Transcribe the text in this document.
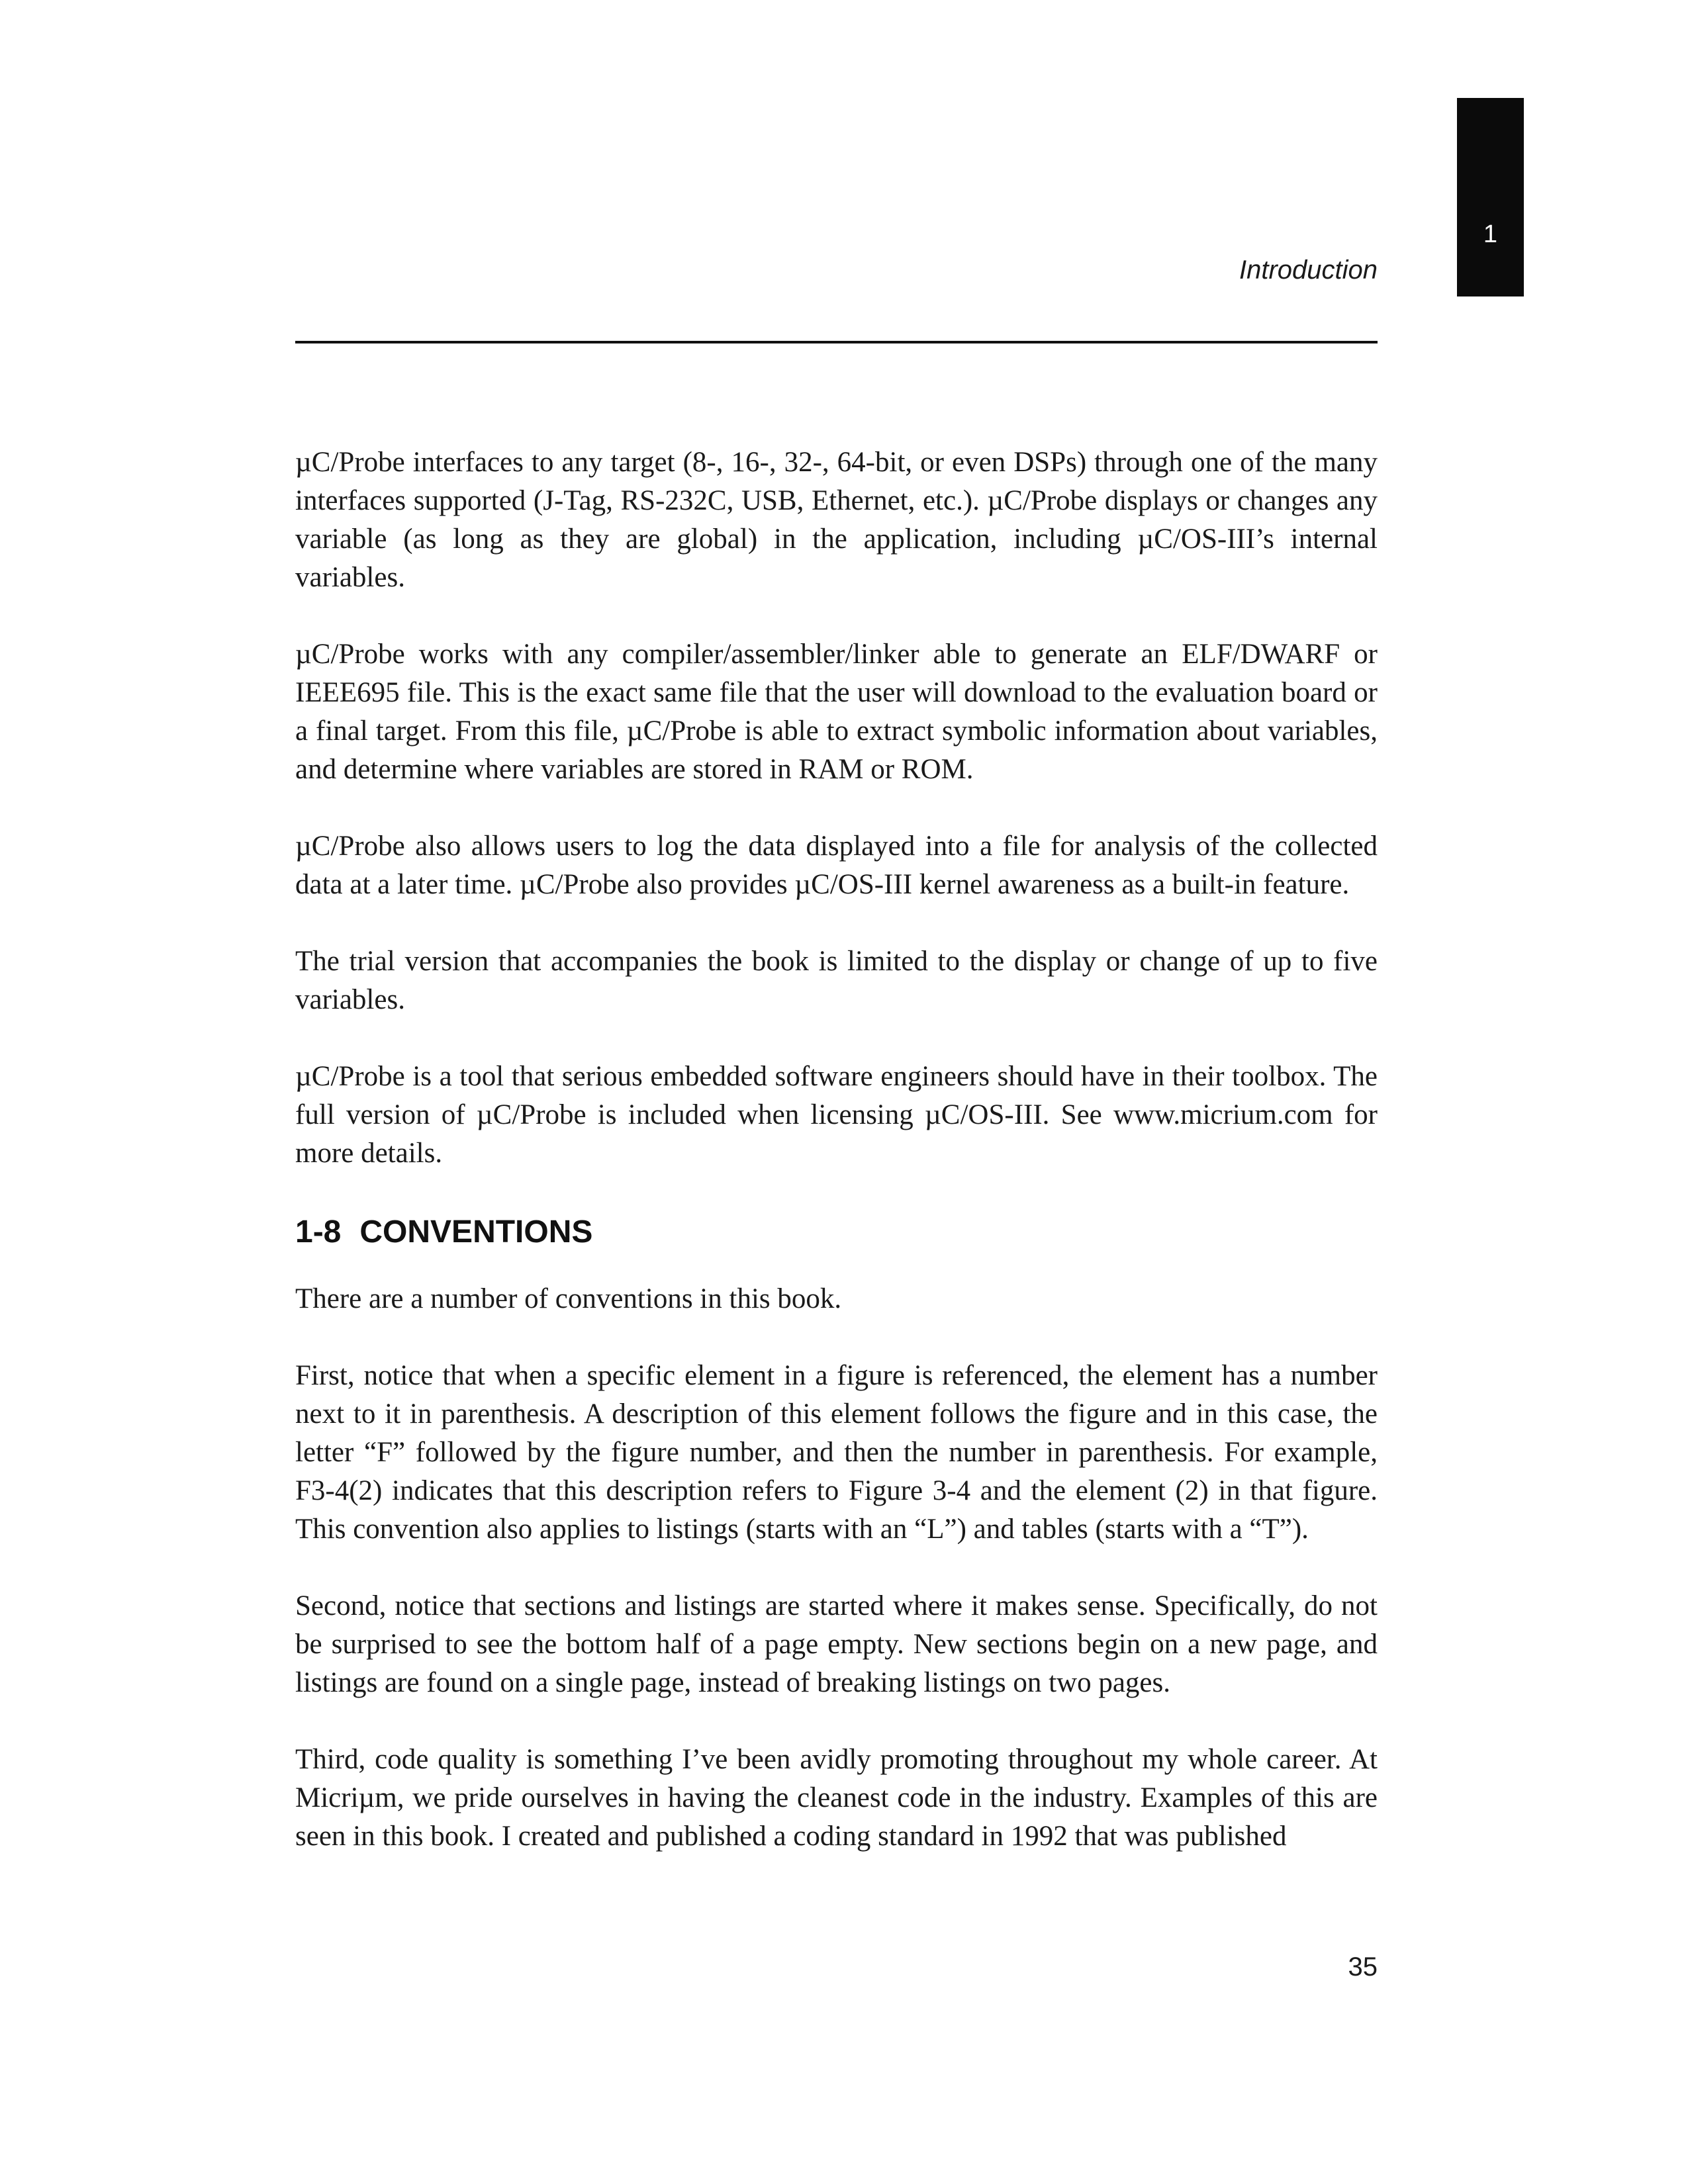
1
Introduction

µC/Probe interfaces to any target (8-, 16-, 32-, 64-bit, or even DSPs) through one of the many interfaces supported (J-Tag, RS-232C, USB, Ethernet, etc.). µC/Probe displays or changes any variable (as long as they are global) in the application, including µC/OS-III’s internal variables.

µC/Probe works with any compiler/assembler/linker able to generate an ELF/DWARF or IEEE695 file. This is the exact same file that the user will download to the evaluation board or a final target. From this file, µC/Probe is able to extract symbolic information about variables, and determine where variables are stored in RAM or ROM.

µC/Probe also allows users to log the data displayed into a file for analysis of the collected data at a later time. µC/Probe also provides µC/OS-III kernel awareness as a built-in feature.

The trial version that accompanies the book is limited to the display or change of up to five variables.

µC/Probe is a tool that serious embedded software engineers should have in their toolbox. The full version of µC/Probe is included when licensing µC/OS-III. See www.micrium.com for more details.

1-8 CONVENTIONS

There are a number of conventions in this book.

First, notice that when a specific element in a figure is referenced, the element has a number next to it in parenthesis. A description of this element follows the figure and in this case, the letter “F” followed by the figure number, and then the number in parenthesis. For example, F3-4(2) indicates that this description refers to Figure 3-4 and the element (2) in that figure. This convention also applies to listings (starts with an “L”) and tables (starts with a “T”).

Second, notice that sections and listings are started where it makes sense. Specifically, do not be surprised to see the bottom half of a page empty. New sections begin on a new page, and listings are found on a single page, instead of breaking listings on two pages.

Third, code quality is something I’ve been avidly promoting throughout my whole career. At Micriµm, we pride ourselves in having the cleanest code in the industry. Examples of this are seen in this book. I created and published a coding standard in 1992 that was published

35
